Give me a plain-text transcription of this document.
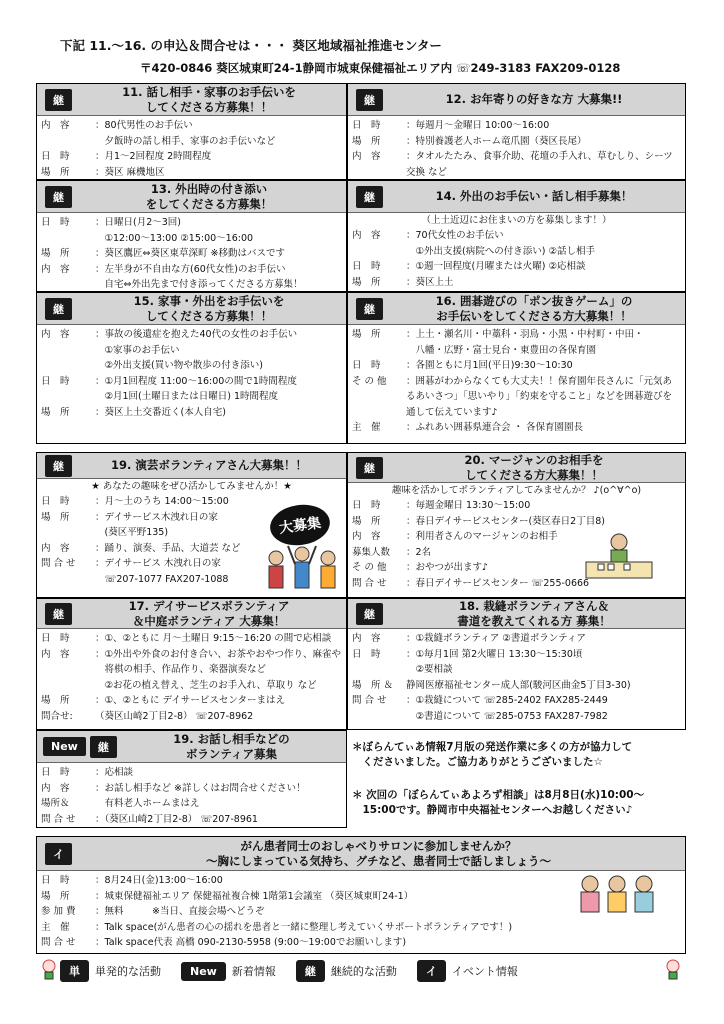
下記 11.～16. の申込＆問合せは・・・ 葵区地域福祉推進センター
〒420-0846 葵区城東町24-1静岡市城東保健福祉エリア内 ☏249-3183 FAX209-0128
継
11. 話し相手・家事のお手伝いを
してくださる方募集！！
内　容	：80代男性のお手伝い
　夕飯時の話し相手、家事のお手伝いなど
日　時	：月1～2回程度 2時間程度
場　所	：葵区 麻機地区
継	12. お年寄りの好きな方 大募集!!
日　時	：毎週月～金曜日 10:00～16:00
場　所	：特別養護老人ホーム竜爪園（葵区長尾）
内　容	：タオルたたみ、食事介助、花壇の手入れ、草むしり、シーツ交換 など
継
13. 外出時の付き添い
をしてくださる方募集！
日　時	：日曜日(月2～3回)
　①12:00～13:00 ②15:00～16:00
場　所	：葵区鷹匠⇔葵区東草深町 ※移動はバスです
内　容	：左半身が不自由な方(60代女性)のお手伝い
　自宅⇔外出先まで付き添ってくださる方募集！
継	14. 外出のお手伝い・話し相手募集！
（上土近辺にお住まいの方を募集します！）
内　容	：70代女性のお手伝い
　①外出支援(病院への付き添い) ②話し相手
日　時	：①週一回程度(月曜または火曜) ②応相談
場　所	：葵区上土
継
15. 家事・外出をお手伝いを
してくださる方募集！！
内　容	：事故の後遺症を抱えた40代の女性のお手伝い
　①家事のお手伝い
　②外出支援(買い物や散歩の付き添い)
日　時	：①月1回程度 11:00～16:00の間で1時間程度
　②月1回(土曜日または日曜日) 1時間程度
場　所	：葵区上土交番近く(本人自宅)
継
16. 囲碁遊びの「ポン抜きゲーム」の
お手伝いをしてくださる方大募集！！
場　所	：上土・瀬名川・中藁科・羽鳥・小黒・中村町・中田・
　八幡・広野・富士見台・東豊田の各保育園
日　時	：各園ともに月1回(平日)9:30～10:30
そ の 他	：囲碁がわからなくても大丈夫！！保育園年長さんに「元気あるあいさつ」「思いやり」「約束を守ること」などを囲碁遊びを通して伝えています♪
主　催	：ふれあい囲碁県連合会 ・ 各保育園園長
継	19. 演芸ボランティアさん大募集！！
★ あなたの趣味をぜひ活かしてみませんか！★
日　時	：月～土のうち 14:00～15:00
場　所	：デイサービス木洩れ日の家
　(葵区平野135)
内　容	：踊り、演奏、手品、大道芸 など
問 合 せ	：デイサービス 木洩れ日の家
　☏207-1077 FAX207-1088
大募集
継
20. マージャンのお相手を
してくださる方大募集！！
趣味を活かしてボランティアしてみませんか？ ♪(o^∀^o)
日　時	：毎週金曜日 13:30～15:00
場　所	：春日デイサービスセンター(葵区春日2丁目8)
内　容	：利用者さんのマージャンのお相手
募集人数	：2名
そ の 他	：おやつが出ます♪
問 合 せ	：春日デイサービスセンター ☏255-0666
継
17. デイサービスボランティア
＆中庭ボランティア 大募集！
日　時	：①、②ともに 月～土曜日 9:15～16:20 の間で応相談
内　容	：①外出や外食のお付き合い、お茶やおやつ作り、麻雀や
　将棋の相手、作品作り、楽器演奏など
　②お花の植え替え、芝生のお手入れ、草取り など
場　所	：①、②ともに デイサービスセンターまはえ
問合せ:	（葵区山崎2丁目2-8） ☏207-8962
継
18. 栽縫ボランティアさん＆
書道を教えてくれる方 募集！
内　容	：①栽縫ボランティア ②書道ボランティア
日　時	：①毎月1回 第2火曜日 13:30～15:30頃
　②要相談
場　所 ＆	静岡医療福祉センター成人部(駿河区曲金5丁目3-30)
問 合 せ	：①栽縫について ☏285-2402 FAX285-2449
　②書道について ☏285-0753 FAX287-7982
New	継
19. お話し相手などの
ボランティア募集
日　時	：応相談
内　容	：お話し相手など ※詳しくはお問合せください！
場所＆	　有料老人ホームまはえ
問 合 せ	：（葵区山崎2丁目2-8） ☏207-8961
＊ぼらんてぃあ情報7月版の発送作業に多くの方が協力して
　くださいました。ご協力ありがとうございました☆
＊ 次回の「ぼらんてぃあよろず相談」は8月8日(水)10:00～
　15:00です。静岡市中央福祉センターへお越しください♪
イ
がん患者同士のおしゃべりサロンに参加しませんか？
～胸にしまっている気持ち、グチなど、患者同士で話しましょう～
日　時	：8月24日(金)13:00～16:00
場　所	：城東保健福祉エリア 保健福祉複合棟 1階第1会議室 （葵区城東町24-1）
参 加 費	：無料　　　※当日、直接会場へどうぞ
主　催	：Talk space(がん患者の心の揺れを患者と一緒に整理し考えていくサポートボランティアです！)
問 合 せ	：Talk space代表 高橋 090-2130-5958 (9:00～19:00でお願いします)
単	単発的な活動	New	新着情報	継	継続的な活動	イ	イベント情報
